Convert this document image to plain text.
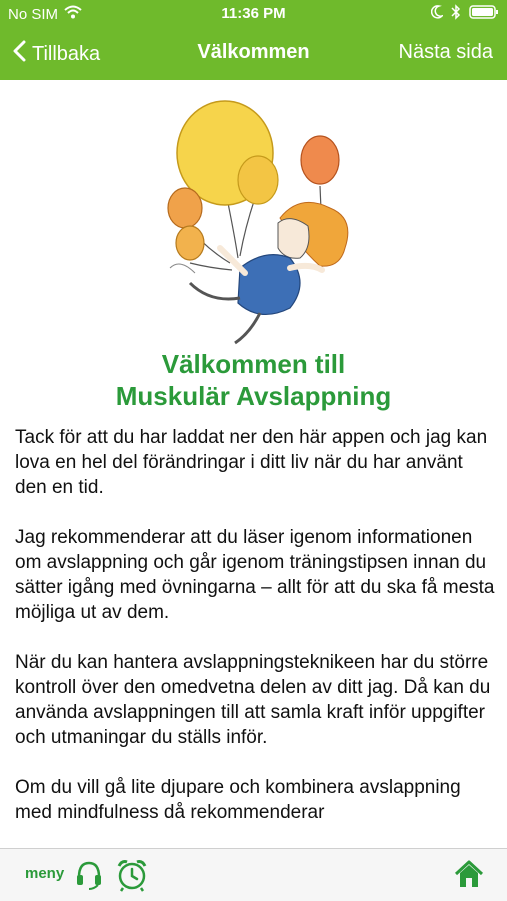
No SIM	11:36 PM
Tillbaka	Välkommen	Nästa sida
Välkommen till
Muskulär Avslappning

Tack för att du har laddat ner den här appen och jag kan lova en hel del förändringar i ditt liv när du har använt den en tid.

Jag rekommenderar att du läser igenom informationen om avslappning och går igenom träningstipsen innan du sätter igång med övningarna – allt för att du ska få mesta möjliga ut av dem.

När du kan hantera avslappningsteknikeen har du större kontroll över den omedvetna delen av ditt jag. Då kan du använda avslappningen till att samla kraft inför uppgifter och utmaningar du ställs inför.

Om du vill gå lite djupare och kombinera avslappning med mindfulness då rekommenderar

meny
